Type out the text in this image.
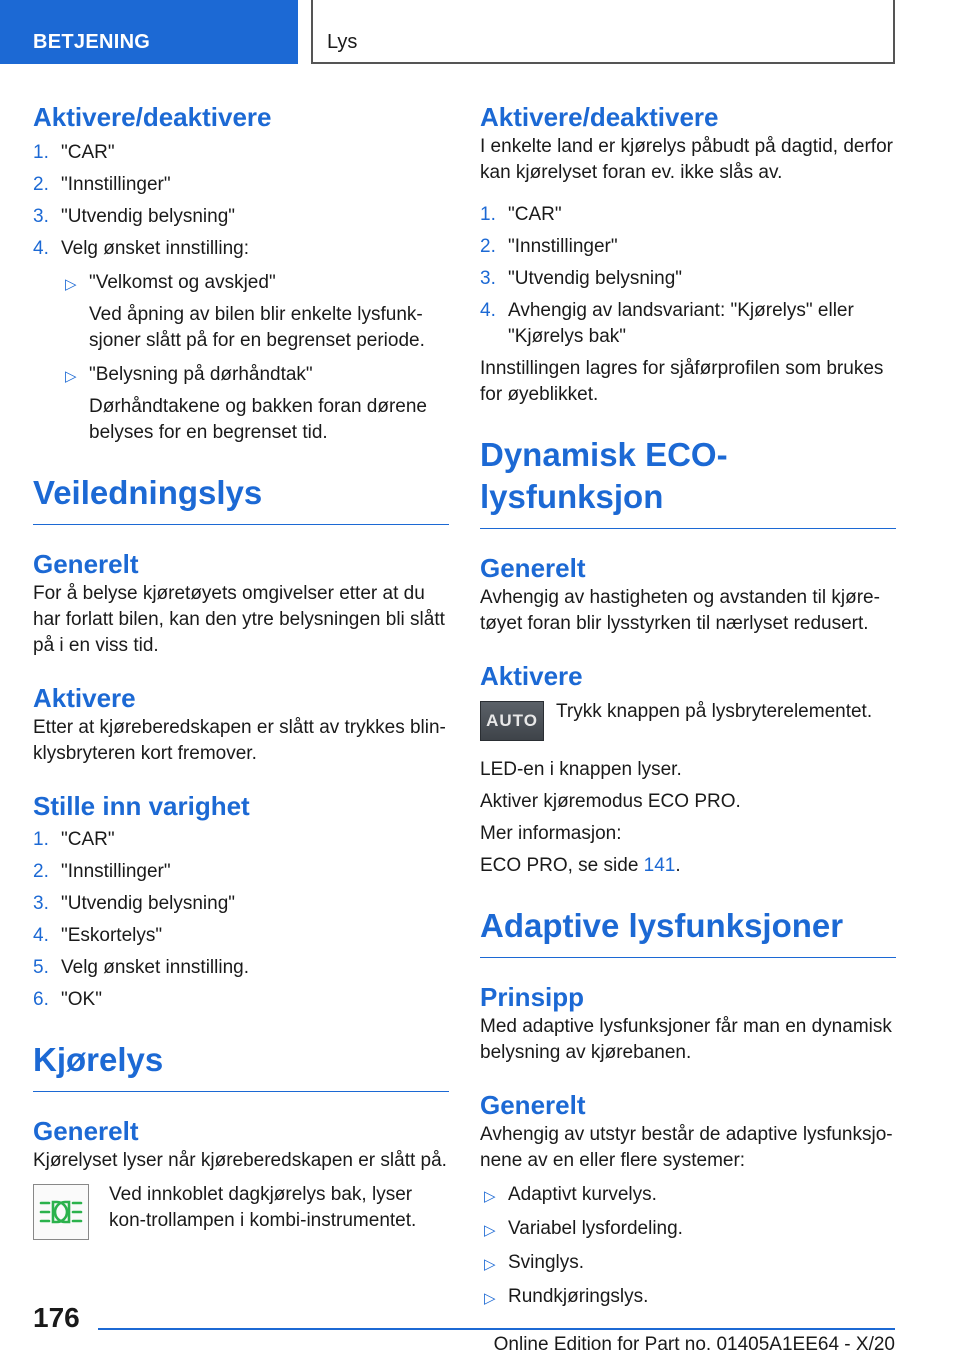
BETJENING	Lys
Aktivere/deaktivere
1. "CAR"
2. "Innstillinger"
3. "Utvendig belysning"
4. Velg ønsket innstilling:
▷ "Velkomst og avskjed"
Ved åpning av bilen blir enkelte lysfunk-sjoner slått på for en begrenset periode.
▷ "Belysning på dørhåndtak"
Dørhåndtakene og bakken foran dørene belyses for en begrenset tid.
Veiledningslys
Generelt

For å belyse kjøretøyets omgivelser etter at du har forlatt bilen, kan den ytre belysningen bli slått på i en viss tid.

Aktivere

Etter at kjøreberedskapen er slått av trykkes blin-klysbryteren kort fremover.

Stille inn varighet
1. "CAR"
2. "Innstillinger"
3. "Utvendig belysning"
4. "Eskortelys"
5. Velg ønsket innstilling.
6. "OK"
Kjørelys
Generelt

Kjørelyset lyser når kjøreberedskapen er slått på.

Ved innkoblet dagkjørelys bak, lyser kon-trollampen i kombi-instrumentet.

Aktivere/deaktivere

I enkelte land er kjørelys påbudt på dagtid, derfor kan kjørelyset foran ev. ikke slås av.

1. "CAR"
2. "Innstillinger"
3. "Utvendig belysning"
4. Avhengig av landsvariant: "Kjørelys" eller "Kjørelys bak"

Innstillingen lagres for sjåførprofilen som brukes for øyeblikket.

Dynamisk ECO-lysfunksjon
Generelt

Avhengig av hastigheten og avstanden til kjøre-tøyet foran blir lysstyrken til nærlyset redusert.

Aktivere
AUTO Trykk knappen på lysbryterelementet.

LED-en i knappen lyser.

Aktiver kjøremodus ECO PRO.

Mer informasjon:

ECO PRO, se side 141.

Adaptive lysfunksjoner
Prinsipp

Med adaptive lysfunksjoner får man en dynamisk belysning av kjørebanen.

Generelt

Avhengig av utstyr består de adaptive lysfunksjo-nene av en eller flere systemer:

▷ Adaptivt kurvelys.
▷ Variabel lysfordeling.
▷ Svinglys.
▷ Rundkjøringslys.
176
Online Edition for Part no. 01405A1EE64 - X/20
